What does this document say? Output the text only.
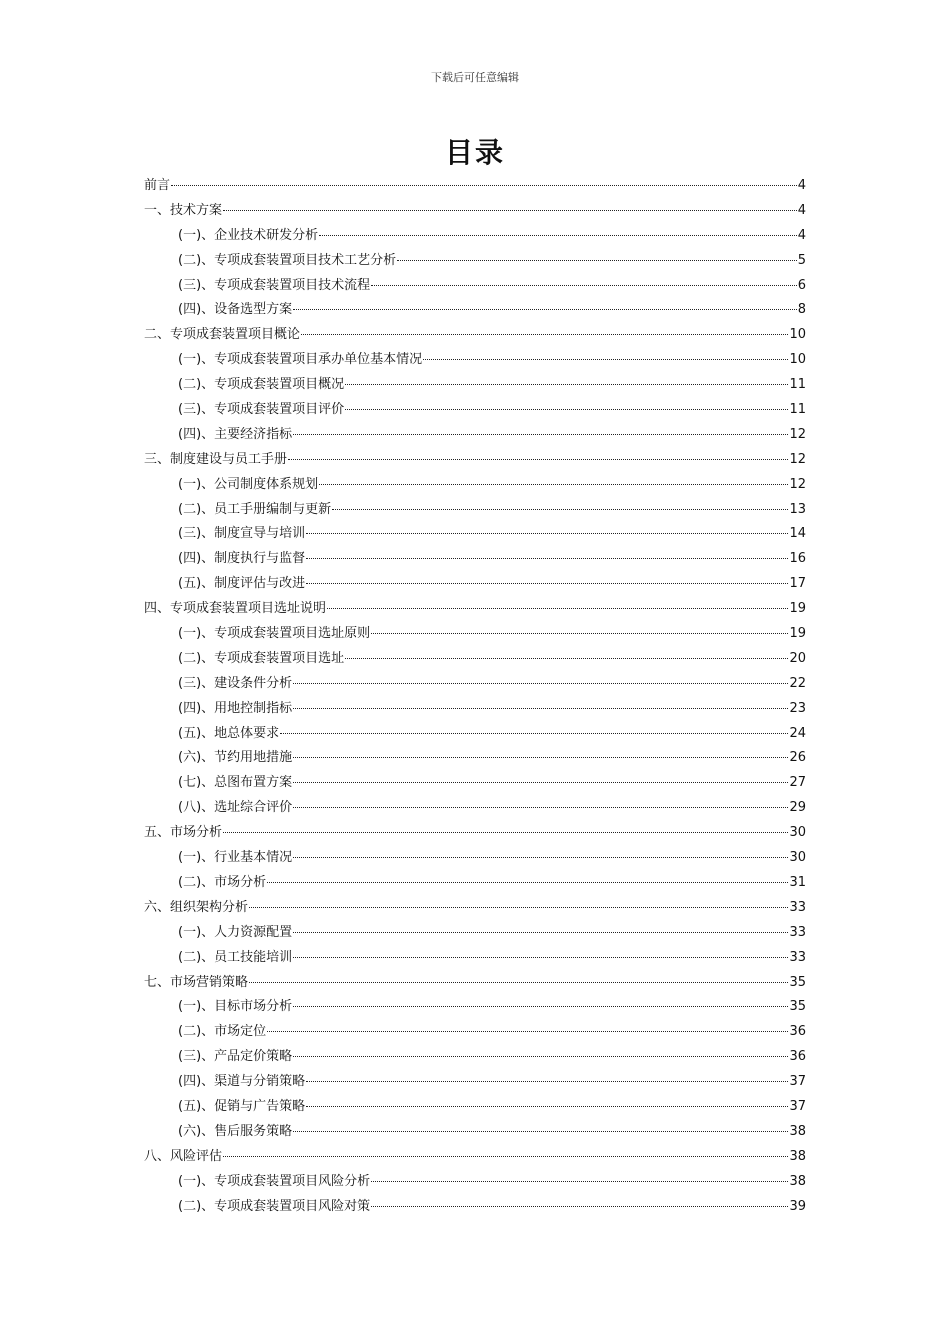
下载后可任意编辑
目录
前言	4
一、技术方案	4
(一)、企业技术研发分析	4
(二)、专项成套装置项目技术工艺分析	5
(三)、专项成套装置项目技术流程	6
(四)、设备选型方案	8
二、专项成套装置项目概论	10
(一)、专项成套装置项目承办单位基本情况	10
(二)、专项成套装置项目概况	11
(三)、专项成套装置项目评价	11
(四)、主要经济指标	12
三、制度建设与员工手册	12
(一)、公司制度体系规划	12
(二)、员工手册编制与更新	13
(三)、制度宣导与培训	14
(四)、制度执行与监督	16
(五)、制度评估与改进	17
四、专项成套装置项目选址说明	19
(一)、专项成套装置项目选址原则	19
(二)、专项成套装置项目选址	20
(三)、建设条件分析	22
(四)、用地控制指标	23
(五)、地总体要求	24
(六)、节约用地措施	26
(七)、总图布置方案	27
(八)、选址综合评价	29
五、市场分析	30
(一)、行业基本情况	30
(二)、市场分析	31
六、组织架构分析	33
(一)、人力资源配置	33
(二)、员工技能培训	33
七、市场营销策略	35
(一)、目标市场分析	35
(二)、市场定位	36
(三)、产品定价策略	36
(四)、渠道与分销策略	37
(五)、促销与广告策略	37
(六)、售后服务策略	38
八、风险评估	38
(一)、专项成套装置项目风险分析	38
(二)、专项成套装置项目风险对策	39
